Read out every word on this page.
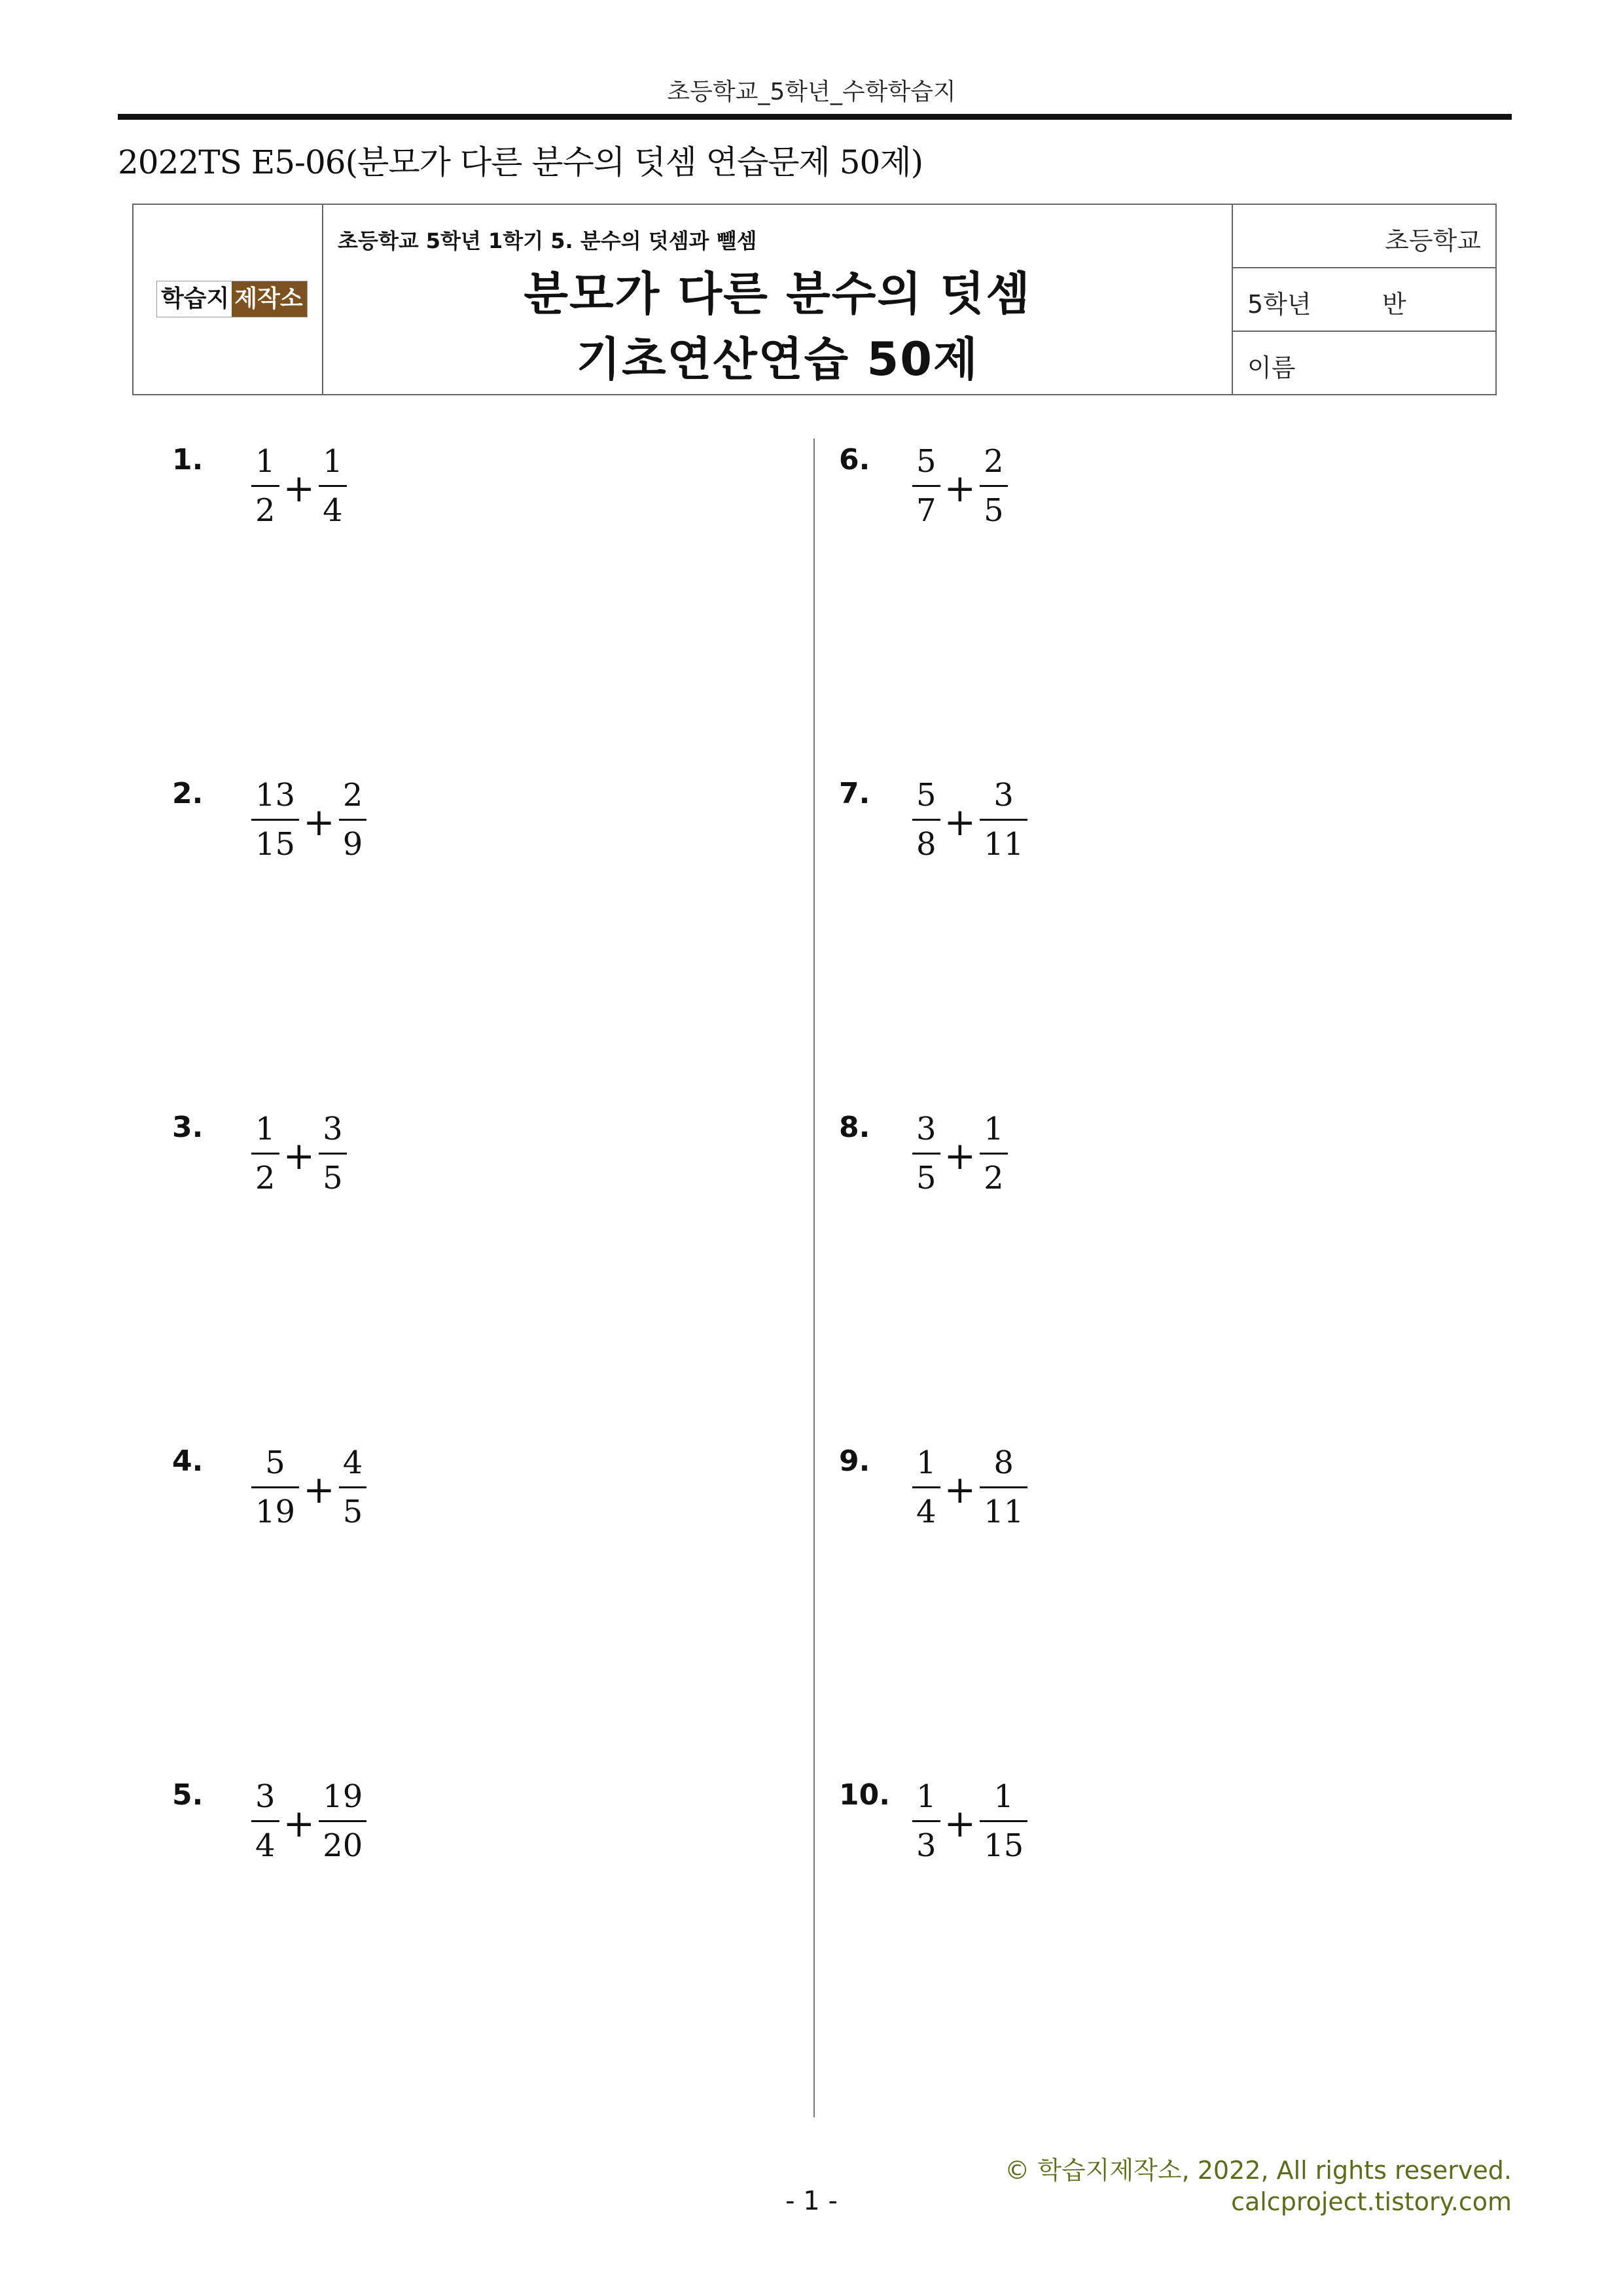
초등학교_5학년_수학학습지
2022TS E5-06(분모가 다른 분수의 덧셈 연습문제 50제)
학습지 제작소
초등학교 5학년 1학기 5. 분수의 덧셈과 뺄셈
분모가 다른 분수의 덧셈
기초연산연습 50제
초등학교
5학년	반
이름
1. $\frac{1}{2} + \frac{1}{4}$
2. $\frac{13}{15} + \frac{2}{9}$
3. $\frac{1}{2} + \frac{3}{5}$
4. $\frac{5}{19} + \frac{4}{5}$
5. $\frac{3}{4} + \frac{19}{20}$
6. $\frac{5}{7} + \frac{2}{5}$
7. $\frac{5}{8} + \frac{3}{11}$
8. $\frac{3}{5} + \frac{1}{2}$
9. $\frac{1}{4} + \frac{8}{11}$
10. $\frac{1}{3} + \frac{1}{15}$
© 학습지제작소, 2022, All rights reserved.
calcproject.tistory.com
- 1 -
